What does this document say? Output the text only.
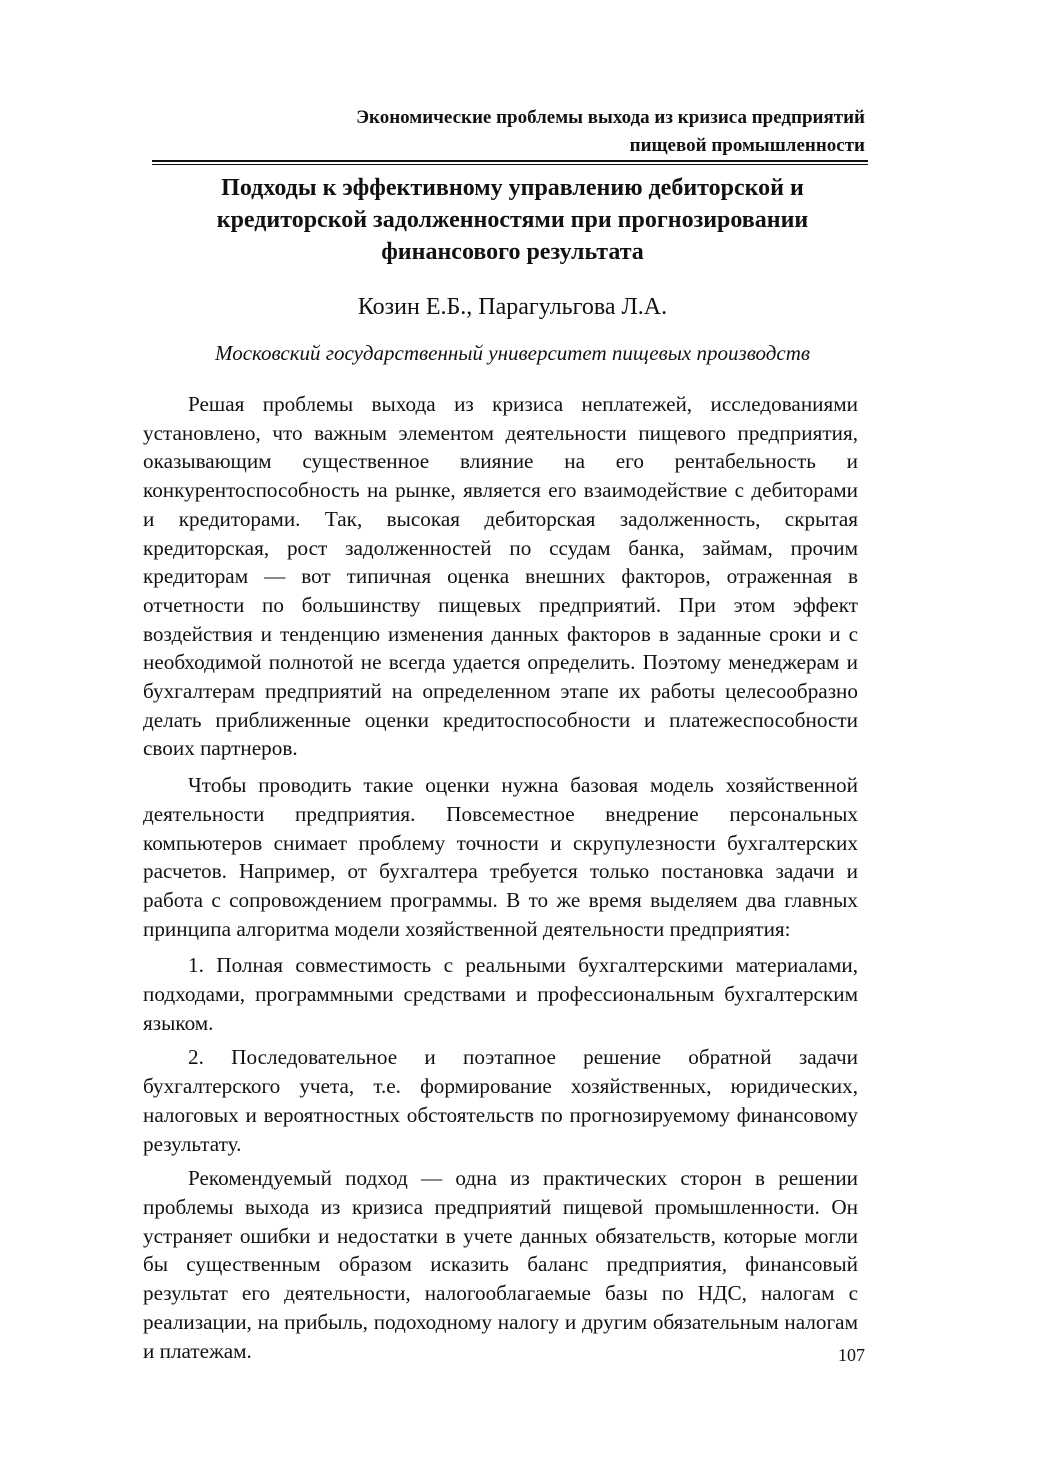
Экономические проблемы выхода из кризиса предприятий
пищевой промышленности
Подходы к эффективному управлению дебиторской и кредиторской задолженностями при прогнозировании финансового результата
Козин Е.Б., Парагульгова Л.А.
Московский государственный университет пищевых производств

Решая проблемы выхода из кризиса неплатежей, исследованиями установлено, что важным элементом деятельности пищевого предприятия, оказывающим существенное влияние на его рентабельность и конкурентоспособность на рынке, является его взаимодействие с дебиторами и кредиторами. Так, высокая дебиторская задолженность, скрытая кредиторская, рост задолженностей по ссудам банка, займам, прочим кредиторам — вот типичная оценка внешних факторов, отраженная в отчетности по большинству пищевых предприятий. При этом эффект воздействия и тенденцию изменения данных факторов в заданные сроки и с необходимой полнотой не всегда удается определить. Поэтому менеджерам и бухгалтерам предприятий на определенном этапе их работы целесообразно делать приближенные оценки кредитоспособности и платежеспособности своих партнеров.

Чтобы проводить такие оценки нужна базовая модель хозяйственной деятельности предприятия. Повсеместное внедрение персональных компьютеров снимает проблему точности и скрупулезности бухгалтерских расчетов. Например, от бухгалтера требуется только постановка задачи и работа с сопровождением программы. В то же время выделяем два главных принципа алгоритма модели хозяйственной деятельности предприятия:

1. Полная совместимость с реальными бухгалтерскими материалами, подходами, программными средствами и профессиональным бухгалтерским языком.

2. Последовательное и поэтапное решение обратной задачи бухгалтерского учета, т.е. формирование хозяйственных, юридических, налоговых и вероятностных обстоятельств по прогнозируемому финансовому результату.

Рекомендуемый подход — одна из практических сторон в решении проблемы выхода из кризиса предприятий пищевой промышленности. Он устраняет ошибки и недостатки в учете данных обязательств, которые могли бы существенным образом исказить баланс предприятия, финансовый результат его деятельности, налогооблагаемые базы по НДС, налогам с реализации, на прибыль, подоходному налогу и другим обязательным налогам и платежам.	107
